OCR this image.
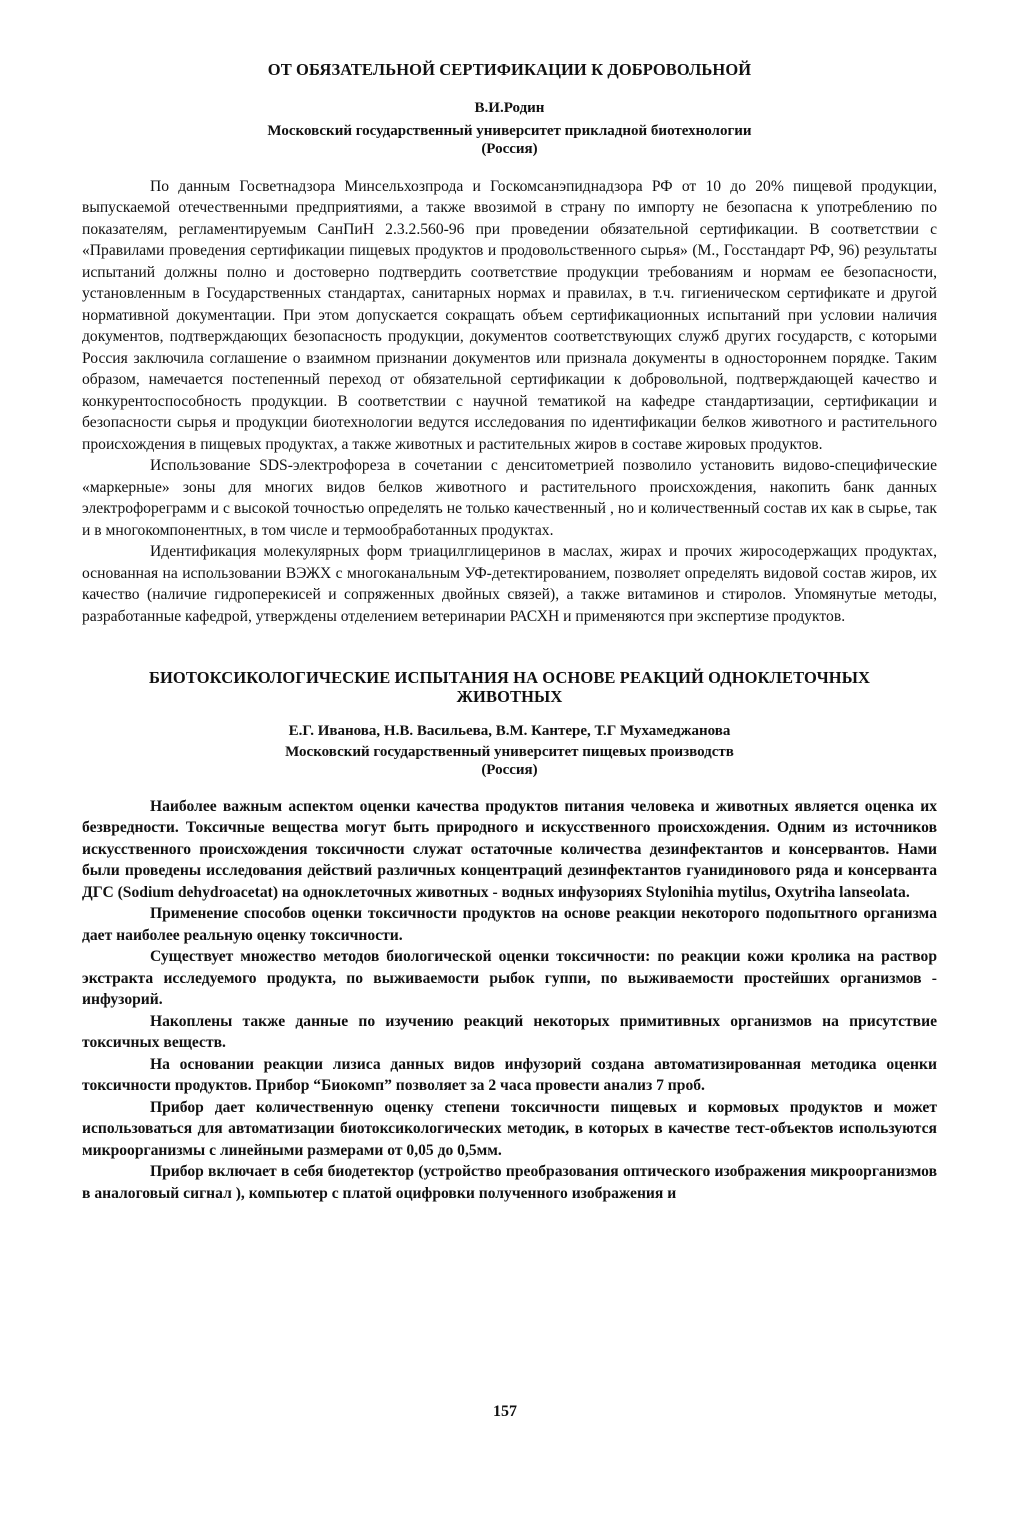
ОТ ОБЯЗАТЕЛЬНОЙ СЕРТИФИКАЦИИ К ДОБРОВОЛЬНОЙ

В.И.Родин

Московский государственный университет прикладной биотехнологии

(Россия)

По данным Госветнадзора Минсельхозпрода и Госкомсанэпиднадзора РФ от 10 до 20% пищевой продукции, выпускаемой отечественными предприятиями, а также ввозимой в страну по импорту не безопасна к употреблению по показателям, регламентируемым СанПиН 2.3.2.560-96 при проведении обязательной сертификации. В соответствии с «Правилами проведения сертификации пищевых продуктов и продовольственного сырья» (М., Госстандарт РФ, 96) результаты испытаний должны полно и достоверно подтвердить соответствие продукции требованиям и нормам ее безопасности, установленным в Государственных стандартах, санитарных нормах и правилах, в т.ч. гигиеническом сертификате и другой нормативной документации. При этом допускается сокращать объем сертификационных испытаний при условии наличия документов, подтверждающих безопасность продукции, документов соответствующих служб других государств, с которыми Россия заключила соглашение о взаимном признании документов или признала документы в одностороннем порядке. Таким образом, намечается постепенный переход от обязательной сертификации к добровольной, подтверждающей качество и конкурентоспособность продукции. В соответствии с научной тематикой на кафедре стандартизации, сертификации и безопасности сырья и продукции биотехнологии ведутся исследования по идентификации белков животного и растительного происхождения в пищевых продуктах, а также животных и растительных жиров в составе жировых продуктов.

Использование SDS-электрофореза в сочетании с денситометрией позволило установить видово-специфические «маркерные» зоны для многих видов белков животного и растительного происхождения, накопить банк данных электрофореграмм и с высокой точностью определять не только качественный , но и количественный состав их как в сырье, так и в многокомпонентных, в том числе и термообработанных продуктах.

Идентификация молекулярных форм триацилглицеринов в маслах, жирах и прочих жиросодержащих продуктах, основанная на использовании ВЭЖХ с многоканальным УФ-детектированием, позволяет определять видовой состав жиров, их качество (наличие гидроперекисей и сопряженных двойных связей), а также витаминов и стиролов. Упомянутые методы, разработанные кафедрой, утверждены отделением ветеринарии РАСХН и применяются при экспертизе продуктов.

БИОТОКСИКОЛОГИЧЕСКИЕ ИСПЫТАНИЯ НА ОСНОВЕ РЕАКЦИЙ ОДНОКЛЕТОЧНЫХ ЖИВОТНЫХ

Е.Г. Иванова, Н.В. Васильева, В.М. Кантере, Т.Г Мухамеджанова

Московский государственный университет пищевых производств

(Россия)

Наиболее важным аспектом оценки качества продуктов питания человека и животных является оценка их безвредности. Токсичные вещества могут быть природного и искусственного происхождения. Одним из источников искусственного происхождения токсичности служат остаточные количества дезинфектантов и консервантов. Нами были проведены исследования действий различных концентраций дезинфектантов гуанидинового ряда и консерванта ДГС (Sodium dehydroacetat) на одноклеточных животных - водных инфузориях Stylonihia mytilus, Oxytriha lanseolata.

Применение способов оценки токсичности продуктов на основе реакции некоторого подопытного организма дает наиболее реальную оценку токсичности.

Существует множество методов биологической оценки токсичности: по реакции кожи кролика на раствор экстракта исследуемого продукта, по выживаемости рыбок гуппи, по выживаемости простейших организмов - инфузорий.

Накоплены также данные по изучению реакций некоторых примитивных организмов на присутствие токсичных веществ.

На основании реакции лизиса данных видов инфузорий создана автоматизированная методика оценки токсичности продуктов. Прибор “Биокомп” позволяет за 2 часа провести анализ 7 проб.

Прибор дает количественную оценку степени токсичности пищевых и кормовых продуктов и может использоваться для автоматизации биотоксикологических методик, в которых в качестве тест-объектов используются микроорганизмы с линейными размерами от 0,05 до 0,5мм.

Прибор включает в себя биодетектор (устройство преобразования оптического изображения микроорганизмов в аналоговый сигнал ), компьютер с платой оцифровки полученного изображения и

157
